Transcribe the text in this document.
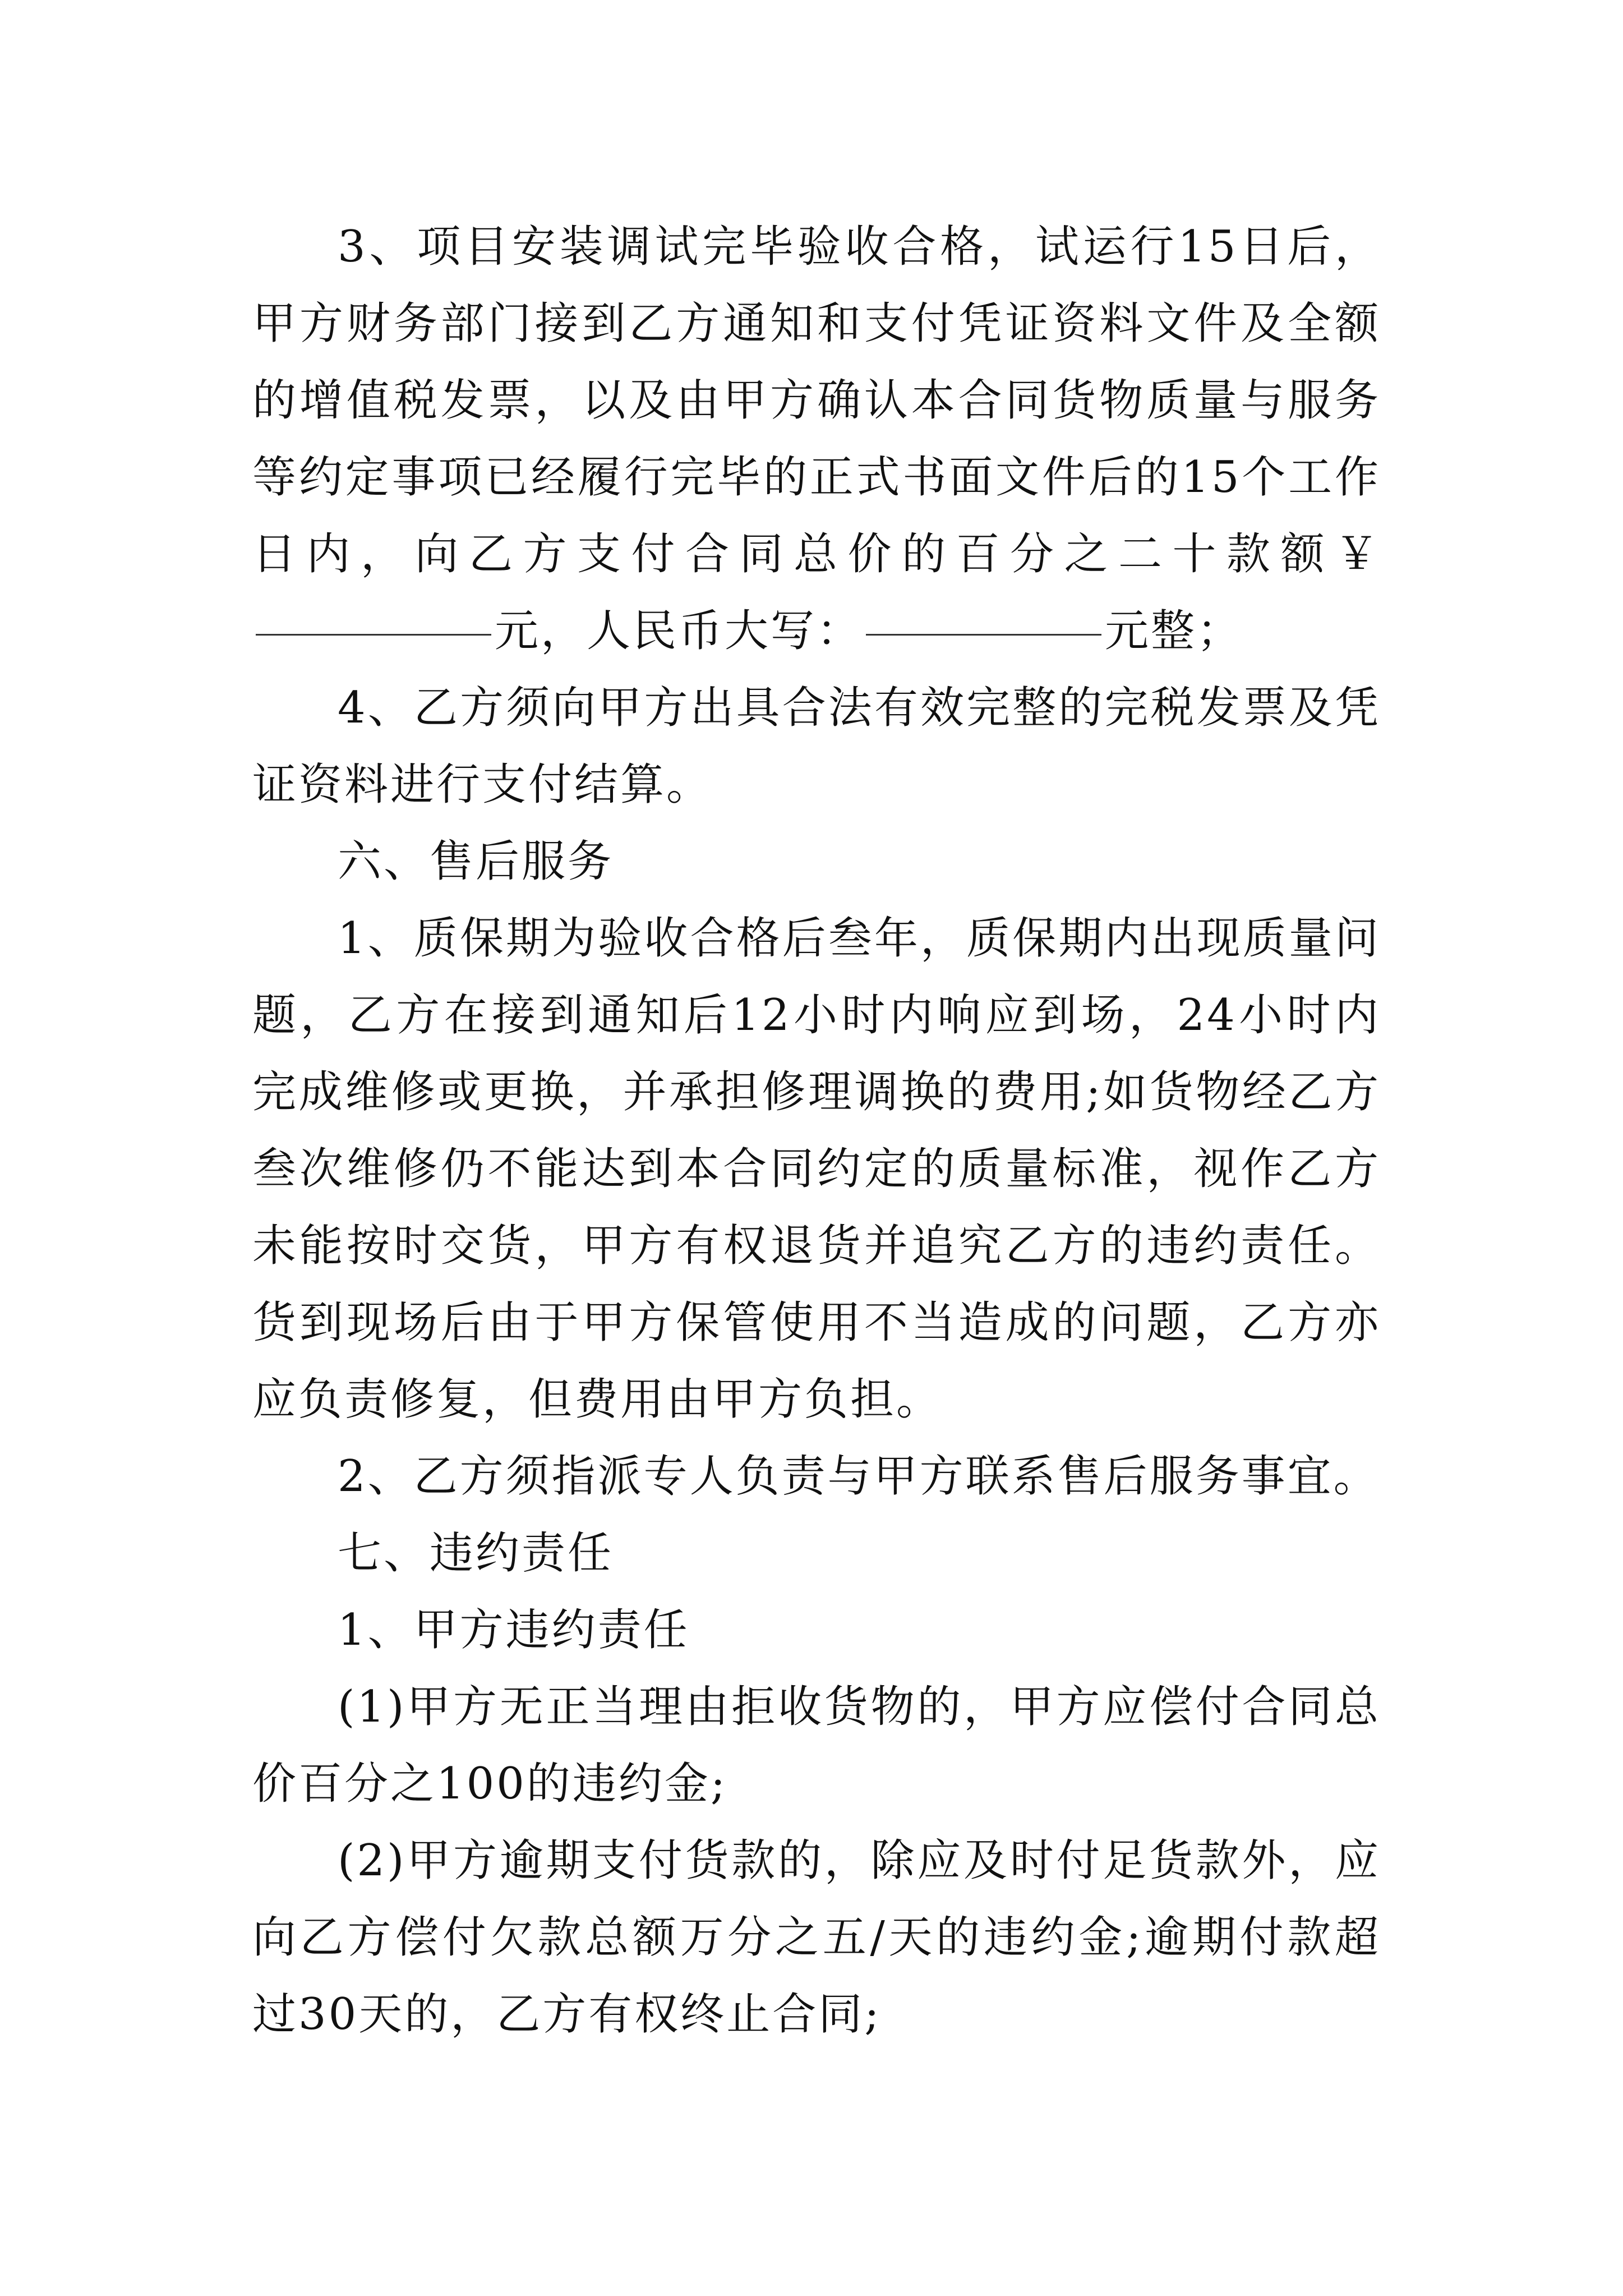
3、项目安装调试完毕验收合格，试运行15日后，甲方财务部门接到乙方通知和支付凭证资料文件及全额的增值税发票，以及由甲方确认本合同货物质量与服务等约定事项已经履行完毕的正式书面文件后的15个工作日内，向乙方支付合同总价的百分之二十款额￥元，人民币大写：	元整；

4、乙方须向甲方出具合法有效完整的完税发票及凭证资料进行支付结算。

六、售后服务

1、质保期为验收合格后叁年，质保期内出现质量问题，乙方在接到通知后12小时内响应到场，24小时内完成维修或更换，并承担修理调换的费用;如货物经乙方叁次维修仍不能达到本合同约定的质量标准，视作乙方未能按时交货，甲方有权退货并追究乙方的违约责任。货到现场后由于甲方保管使用不当造成的问题，乙方亦应负责修复，但费用由甲方负担。

2、乙方须指派专人负责与甲方联系售后服务事宜。

七、违约责任

1、甲方违约责任

(1)甲方无正当理由拒收货物的，甲方应偿付合同总价百分之100的违约金;

(2)甲方逾期支付货款的，除应及时付足货款外，应向乙方偿付欠款总额万分之五/天的违约金;逾期付款超过30天的，乙方有权终止合同;
